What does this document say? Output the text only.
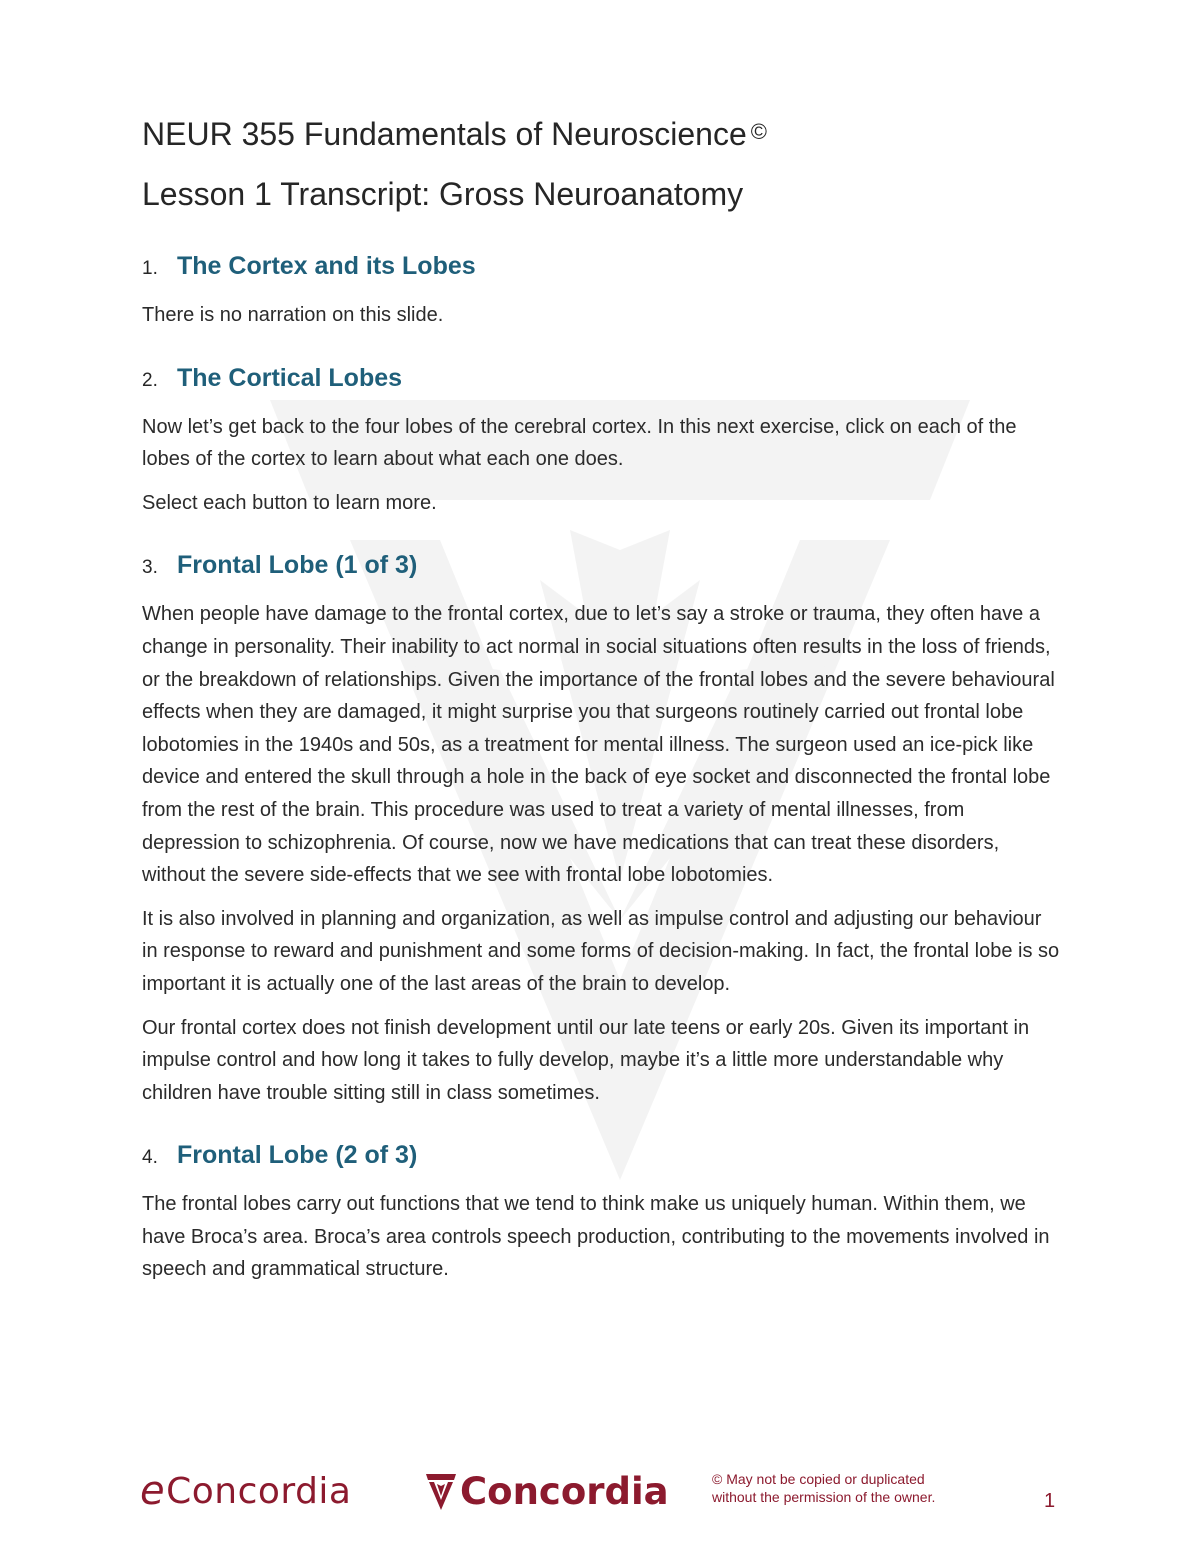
NEUR 355 Fundamentals of Neuroscience ©
Lesson 1 Transcript: Gross Neuroanatomy
1. The Cortex and its Lobes

There is no narration on this slide.

2. The Cortical Lobes

Now let’s get back to the four lobes of the cerebral cortex. In this next exercise, click on each of the lobes of the cortex to learn about what each one does.

Select each button to learn more.

3. Frontal Lobe (1 of 3)

When people have damage to the frontal cortex, due to let’s say a stroke or trauma, they often have a change in personality. Their inability to act normal in social situations often results in the loss of friends, or the breakdown of relationships. Given the importance of the frontal lobes and the severe behavioural effects when they are damaged, it might surprise you that surgeons routinely carried out frontal lobe lobotomies in the 1940s and 50s, as a treatment for mental illness. The surgeon used an ice-pick like device and entered the skull through a hole in the back of eye socket and disconnected the frontal lobe from the rest of the brain. This procedure was used to treat a variety of mental illnesses, from depression to schizophrenia. Of course, now we have medications that can treat these disorders, without the severe side-effects that we see with frontal lobe lobotomies.

It is also involved in planning and organization, as well as impulse control and adjusting our behaviour in response to reward and punishment and some forms of decision-making. In fact, the frontal lobe is so important it is actually one of the last areas of the brain to develop.

Our frontal cortex does not finish development until our late teens or early 20s. Given its important in impulse control and how long it takes to fully develop, maybe it’s a little more understandable why children have trouble sitting still in class sometimes.

4. Frontal Lobe (2 of 3)

The frontal lobes carry out functions that we tend to think make us uniquely human. Within them, we have Broca’s area. Broca’s area controls speech production, contributing to the movements involved in speech and grammatical structure.

e Concordia	Concordia	© May not be copied or duplicated
without the permission of the owner.	1
